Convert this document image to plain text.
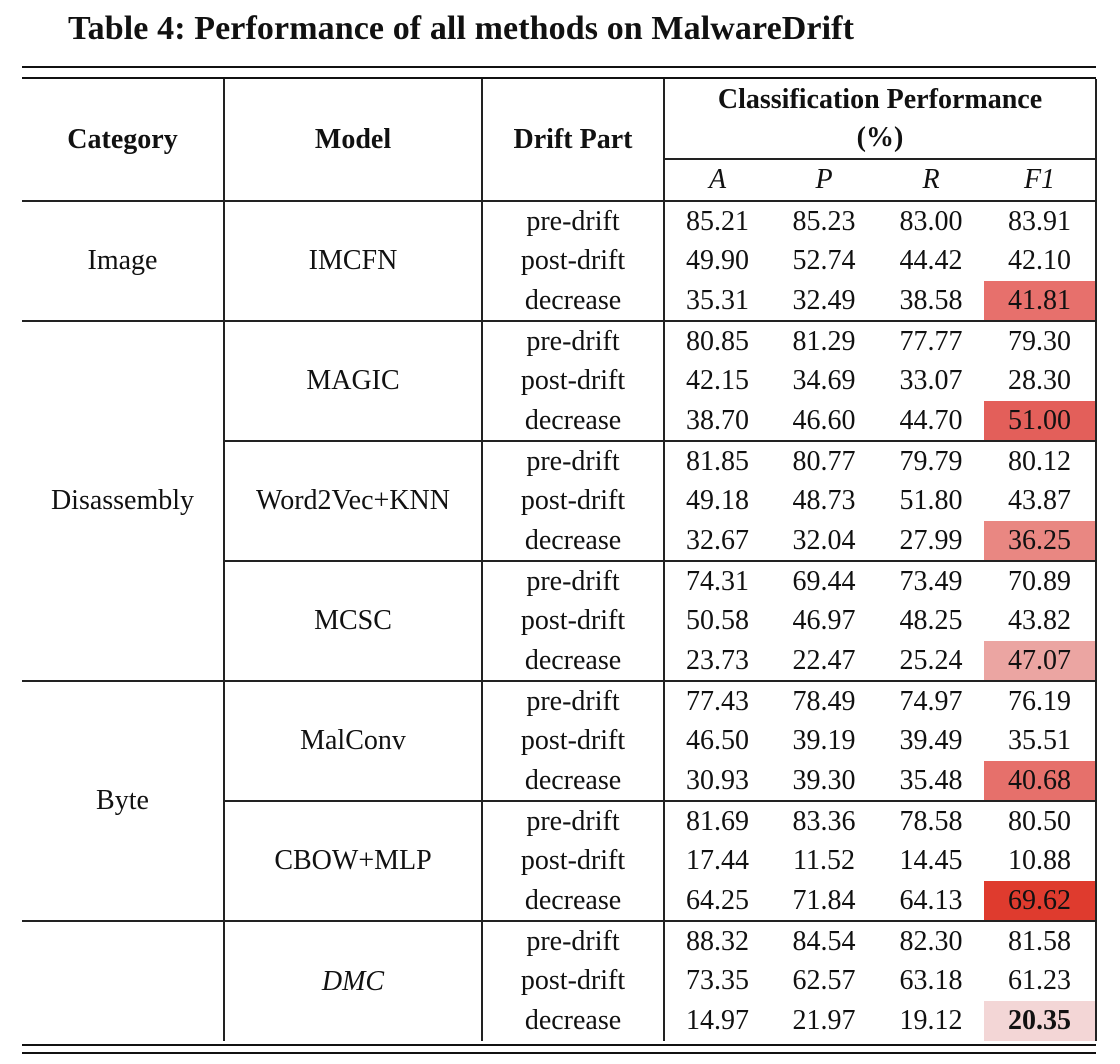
Table 4: Performance of all methods on MalwareDrift
Category	Model	Drift Part	Classification Performance
(%)			
			A	P	R	F1
Image	IMCFN	pre-drift	85.21	85.23	83.00	83.91
		post-drift	49.90	52.74	44.42	42.10
		decrease	35.31	32.49	38.58	41.81
Disassembly	MAGIC	pre-drift	80.85	81.29	77.77	79.30
		post-drift	42.15	34.69	33.07	28.30
		decrease	38.70	46.60	44.70	51.00
	Word2Vec+KNN	pre-drift	81.85	80.77	79.79	80.12
		post-drift	49.18	48.73	51.80	43.87
		decrease	32.67	32.04	27.99	36.25
	MCSC	pre-drift	74.31	69.44	73.49	70.89
		post-drift	50.58	46.97	48.25	43.82
		decrease	23.73	22.47	25.24	47.07
Byte	MalConv	pre-drift	77.43	78.49	74.97	76.19
		post-drift	46.50	39.19	39.49	35.51
		decrease	30.93	39.30	35.48	40.68
	CBOW+MLP	pre-drift	81.69	83.36	78.58	80.50
		post-drift	17.44	11.52	14.45	10.88
		decrease	64.25	71.84	64.13	69.62
	DMC	pre-drift	88.32	84.54	82.30	81.58
		post-drift	73.35	62.57	63.18	61.23
		decrease	14.97	21.97	19.12	20.35
